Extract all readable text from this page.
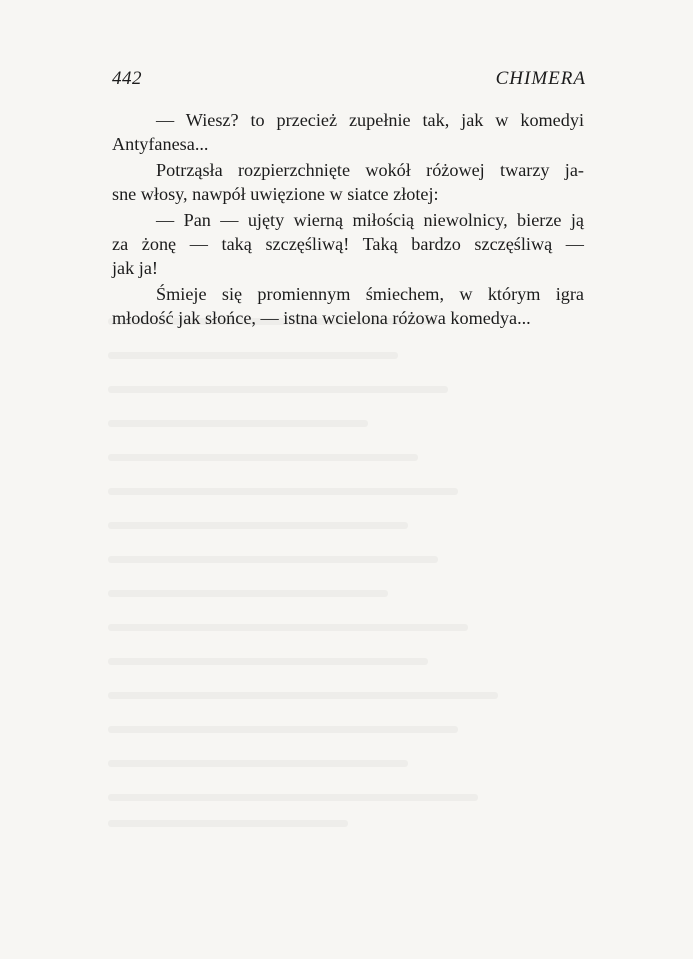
442	CHIMERA
— Wiesz? to przecież zupełnie tak, jak w komedyi
Antyfanesa...
Potrząsła rozpierzchnięte wokół różowej twarzy ja-
sne włosy, nawpół uwięzione w siatce złotej:
— Pan — ujęty wierną miłością niewolnicy, bierze ją
za żonę — taką szczęśliwą! Taką bardzo szczęśliwą —
jak ja!
Śmieje się promiennym śmiechem, w którym igra
młodość jak słońce, — istna wcielona różowa komedya...
